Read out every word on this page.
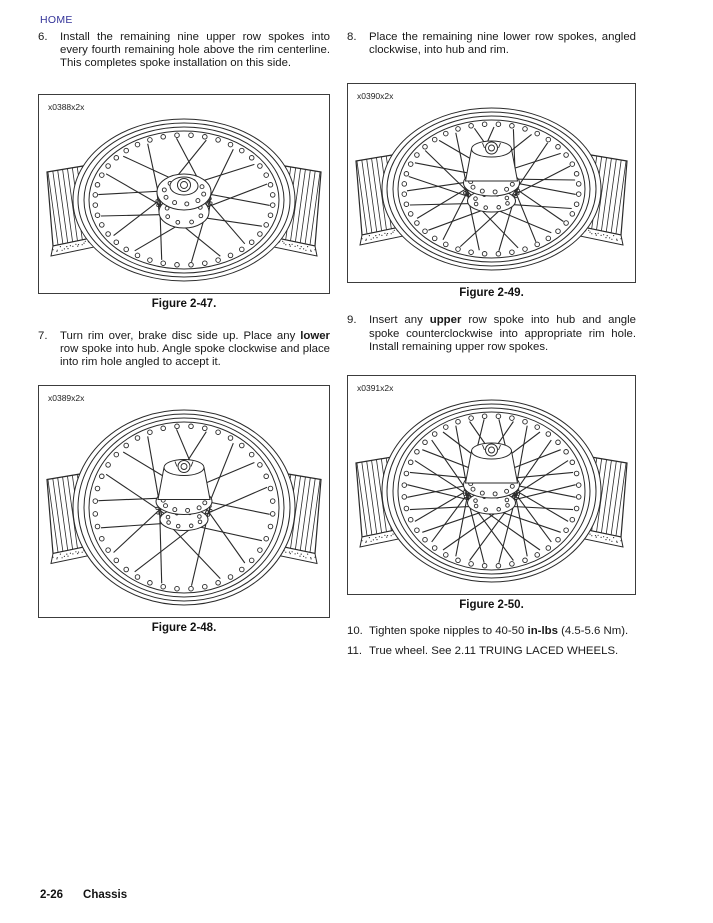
HOME
6.	Install the remaining nine upper row spokes into every fourth remaining hole above the rim centerline. This completes spoke installation on this side.
x0388x2x
Figure 2-47.
7.	Turn rim over, brake disc side up. Place any lower row spoke into hub. Angle spoke clockwise and place into rim hole angled to accept it.
x0389x2x
Figure 2-48.
8.	Place the remaining nine lower row spokes, angled clockwise, into hub and rim.
x0390x2x
Figure 2-49.
9.	Insert any upper row spoke into hub and angle spoke counterclockwise into appropriate rim hole. Install remaining upper row spokes.
x0391x2x
Figure 2-50.
10. Tighten spoke nipples to 40-50 in-lbs (4.5-5.6 Nm).
11. True wheel. See 2.11 TRUING LACED WHEELS.
2-26 Chassis
